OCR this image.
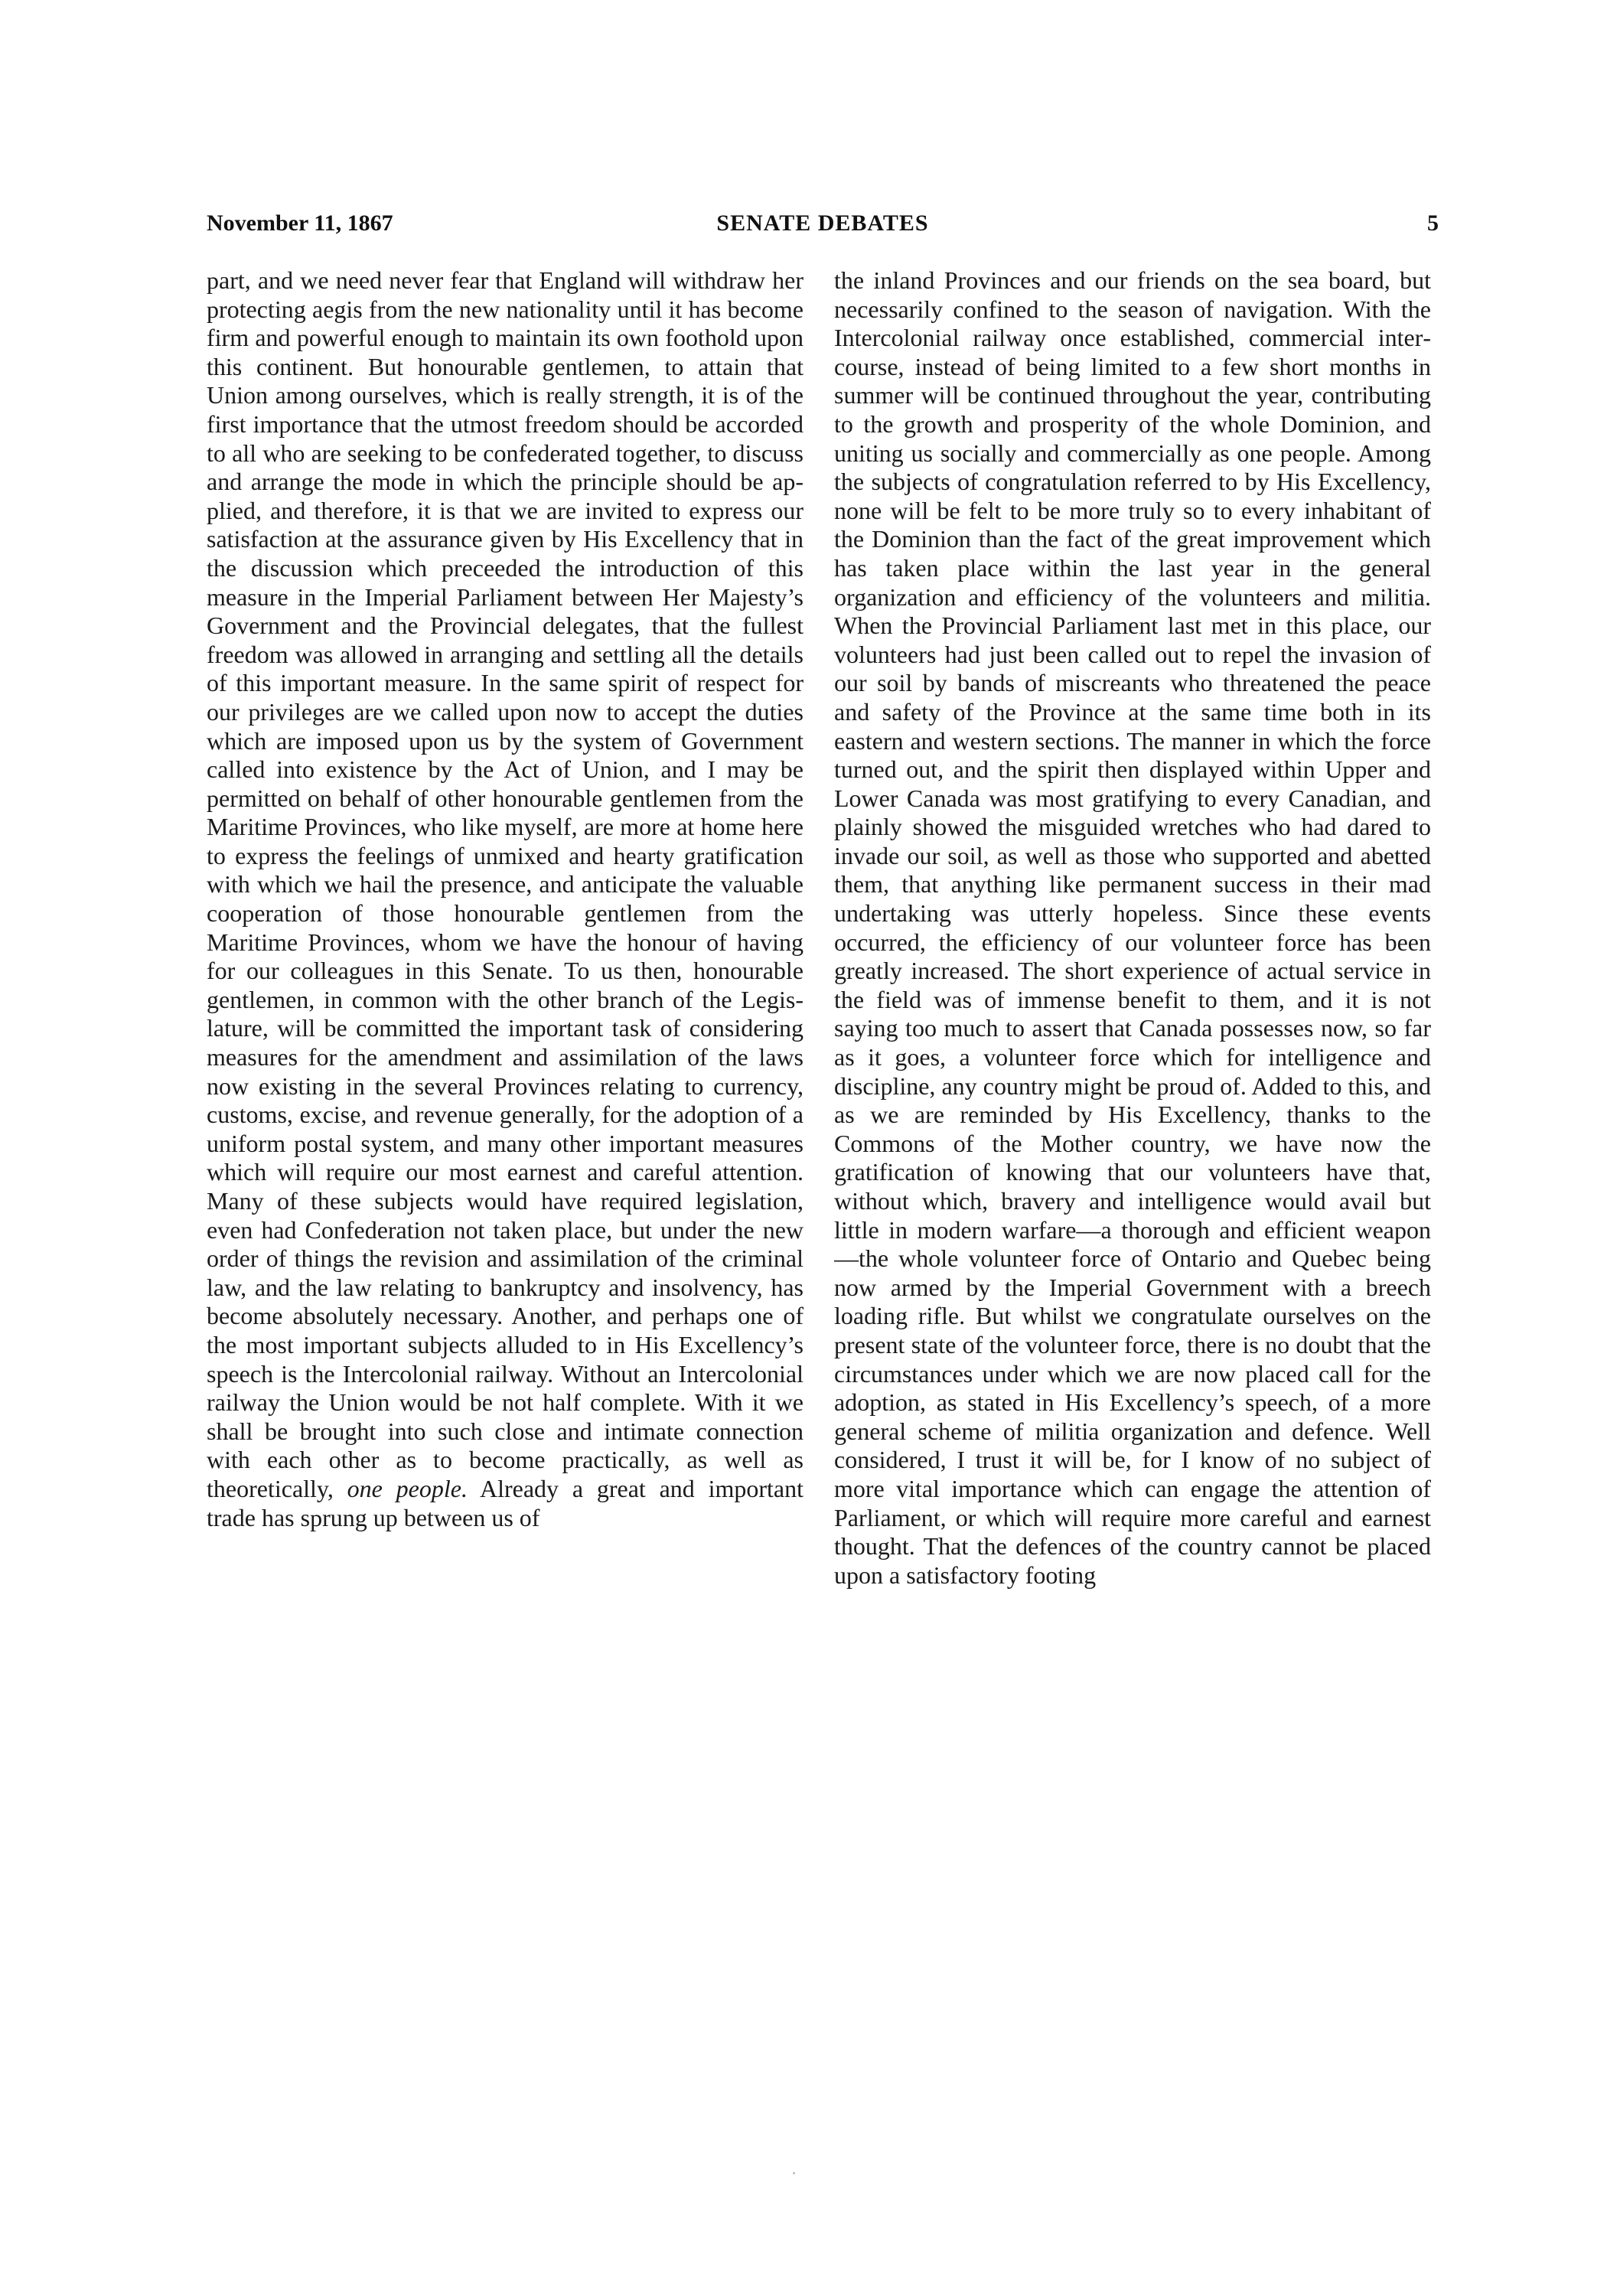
November 11, 1867	SENATE DEBATES	5

part, and we need never fear that England will withdraw her protecting aegis from the new nationality until it has become firm and powerful enough to maintain its own foothold upon this continent. But honourable gentlemen, to attain that Union among ourselves, which is really strength, it is of the first importance that the utmost freedom should be accorded to all who are seeking to be confederated together, to discuss and arrange the mode in which the principle should be applied, and therefore, it is that we are invited to express our satisfaction at the assurance given by His Excellency that in the discussion which preceeded the introduction of this measure in the Imperial Parliament between Her Majesty’s Government and the Provincial delegates, that the fullest freedom was allowed in arranging and settling all the details of this important measure. In the same spirit of respect for our privileges are we called upon now to accept the duties which are imposed upon us by the system of Government called into existence by the Act of Union, and I may be permitted on behalf of other honourable gentlemen from the Maritime Provinces, who like myself, are more at home here to express the feelings of unmixed and hearty gratification with which we hail the presence, and anticipate the valuable cooperation of those honourable gentlemen from the Maritime Provinces, whom we have the honour of having for our colleagues in this Senate. To us then, honourable gentlemen, in common with the other branch of the Legislature, will be committed the important task of considering measures for the amendment and assimilation of the laws now existing in the several Provinces relating to currency, customs, excise, and revenue generally, for the adoption of a uniform postal system, and many other important measures which will require our most earnest and careful attention. Many of these subjects would have required legislation, even had Confederation not taken place, but under the new order of things the revision and assimilation of the criminal law, and the law relating to bankruptcy and insolvency, has become absolutely necessary. Another, and perhaps one of the most important subjects alluded to in His Excellency’s speech is the Intercolonial railway. Without an Intercolonial railway the Union would be not half complete. With it we shall be brought into such close and intimate connection with each other as to become practically, as well as theoretically, one people. Already a great and important trade has sprung up between us of

the inland Provinces and our friends on the sea board, but necessarily confined to the season of navigation. With the Intercolonial railway once established, commercial intercourse, instead of being limited to a few short months in summer will be continued throughout the year, contributing to the growth and prosperity of the whole Dominion, and uniting us socially and commercially as one people. Among the subjects of congratulation referred to by His Excellency, none will be felt to be more truly so to every inhabitant of the Dominion than the fact of the great improvement which has taken place within the last year in the general organization and efficiency of the volunteers and militia. When the Provincial Parliament last met in this place, our volunteers had just been called out to repel the invasion of our soil by bands of miscreants who threatened the peace and safety of the Province at the same time both in its eastern and western sections. The manner in which the force turned out, and the spirit then displayed within Upper and Lower Canada was most gratifying to every Canadian, and plainly showed the misguided wretches who had dared to invade our soil, as well as those who supported and abetted them, that anything like permanent success in their mad undertaking was utterly hopeless. Since these events occurred, the efficiency of our volunteer force has been greatly increased. The short experience of actual service in the field was of immense benefit to them, and it is not saying too much to assert that Canada possesses now, so far as it goes, a volunteer force which for intelligence and discipline, any country might be proud of. Added to this, and as we are reminded by His Excellency, thanks to the Commons of the Mother country, we have now the gratification of knowing that our volunteers have that, without which, bravery and intelligence would avail but little in modern warfare—a thorough and efficient weapon—the whole volunteer force of Ontario and Quebec being now armed by the Imperial Government with a breech loading rifle. But whilst we congratulate ourselves on the present state of the volunteer force, there is no doubt that the circumstances under which we are now placed call for the adoption, as stated in His Excellency’s speech, of a more general scheme of militia organization and defence. Well considered, I trust it will be, for I know of no subject of more vital importance which can engage the attention of Parliament, or which will require more careful and earnest thought. That the defences of the country cannot be placed upon a satisfactory footing
